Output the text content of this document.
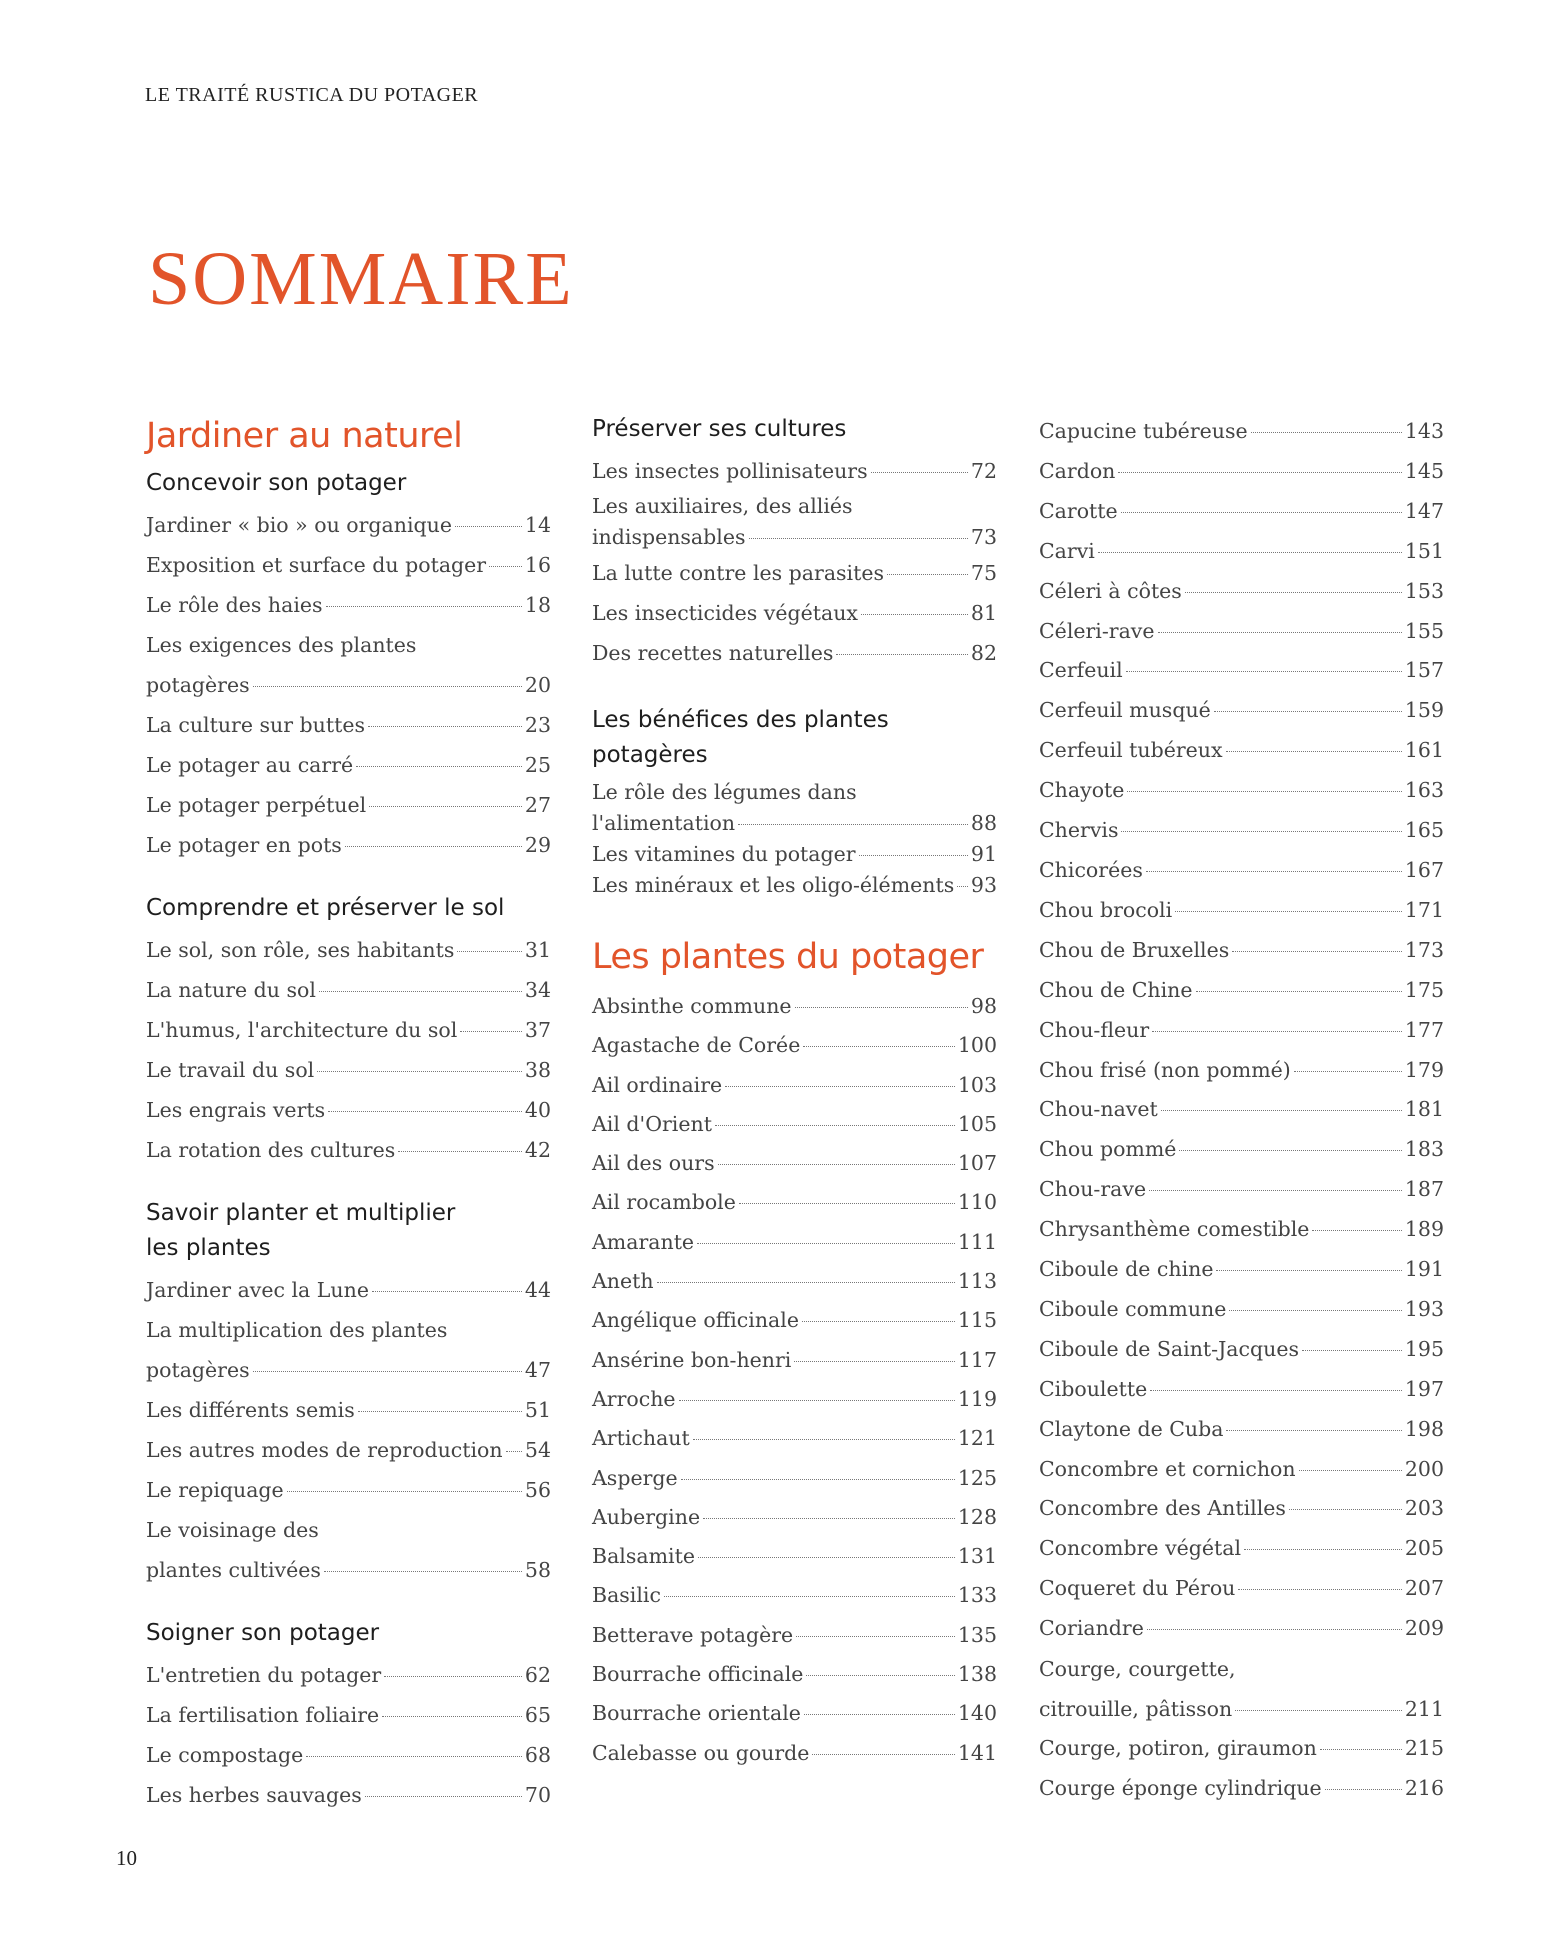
LE TRAITÉ RUSTICA DU POTAGER
SOMMAIRE
Jardiner au naturel
Concevoir son potager
Jardiner « bio » ou organique	14
Exposition et surface du potager 16
Le rôle des haies	18
Les exigences des plantes
potagères	20
La culture sur buttes	23
Le potager au carré	25
Le potager perpétuel	27
Le potager en pots	29
Comprendre et préserver le sol
Le sol, son rôle, ses habitants	31
La nature du sol	34
L'humus, l'architecture du sol	37
Le travail du sol	38
Les engrais verts	40
La rotation des cultures	42
Savoir planter et multiplier
les plantes
Jardiner avec la Lune	44
La multiplication des plantes
potagères	47
Les différents semis	51
Les autres modes de reproduction 54
Le repiquage	56
Le voisinage des
plantes cultivées	58
Soigner son potager
L'entretien du potager	62
La fertilisation foliaire	65
Le compostage	68
Les herbes sauvages	70
Préserver ses cultures
Les insectes pollinisateurs	72
Les auxiliaires, des alliés
indispensables	73
La lutte contre les parasites	75
Les insecticides végétaux	81
Des recettes naturelles	82
Les bénéfices des plantes
potagères
Le rôle des légumes dans
l'alimentation	88
Les vitamines du potager	91
Les minéraux et les oligo-éléments 93
Les plantes du potager
Absinthe commune	98
Agastache de Corée	100
Ail ordinaire	103
Ail d'Orient	105
Ail des ours	107
Ail rocambole	110
Amarante	111
Aneth	113
Angélique officinale	115
Ansérine bon-henri	117
Arroche	119
Artichaut	121
Asperge	125
Aubergine	128
Balsamite	131
Basilic	133
Betterave potagère	135
Bourrache officinale	138
Bourrache orientale	140
Calebasse ou gourde	141
Capucine tubéreuse	143
Cardon	145
Carotte	147
Carvi	151
Céleri à côtes	153
Céleri-rave	155
Cerfeuil	157
Cerfeuil musqué	159
Cerfeuil tubéreux	161
Chayote	163
Chervis	165
Chicorées	167
Chou brocoli	171
Chou de Bruxelles	173
Chou de Chine	175
Chou-fleur	177
Chou frisé (non pommé)	179
Chou-navet	181
Chou pommé	183
Chou-rave	187
Chrysanthème comestible	189
Ciboule de chine	191
Ciboule commune	193
Ciboule de Saint-Jacques	195
Ciboulette	197
Claytone de Cuba	198
Concombre et cornichon	200
Concombre des Antilles	203
Concombre végétal	205
Coqueret du Pérou	207
Coriandre	209
Courge, courgette,
citrouille, pâtisson	211
Courge, potiron, giraumon	215
Courge éponge cylindrique	216
10
